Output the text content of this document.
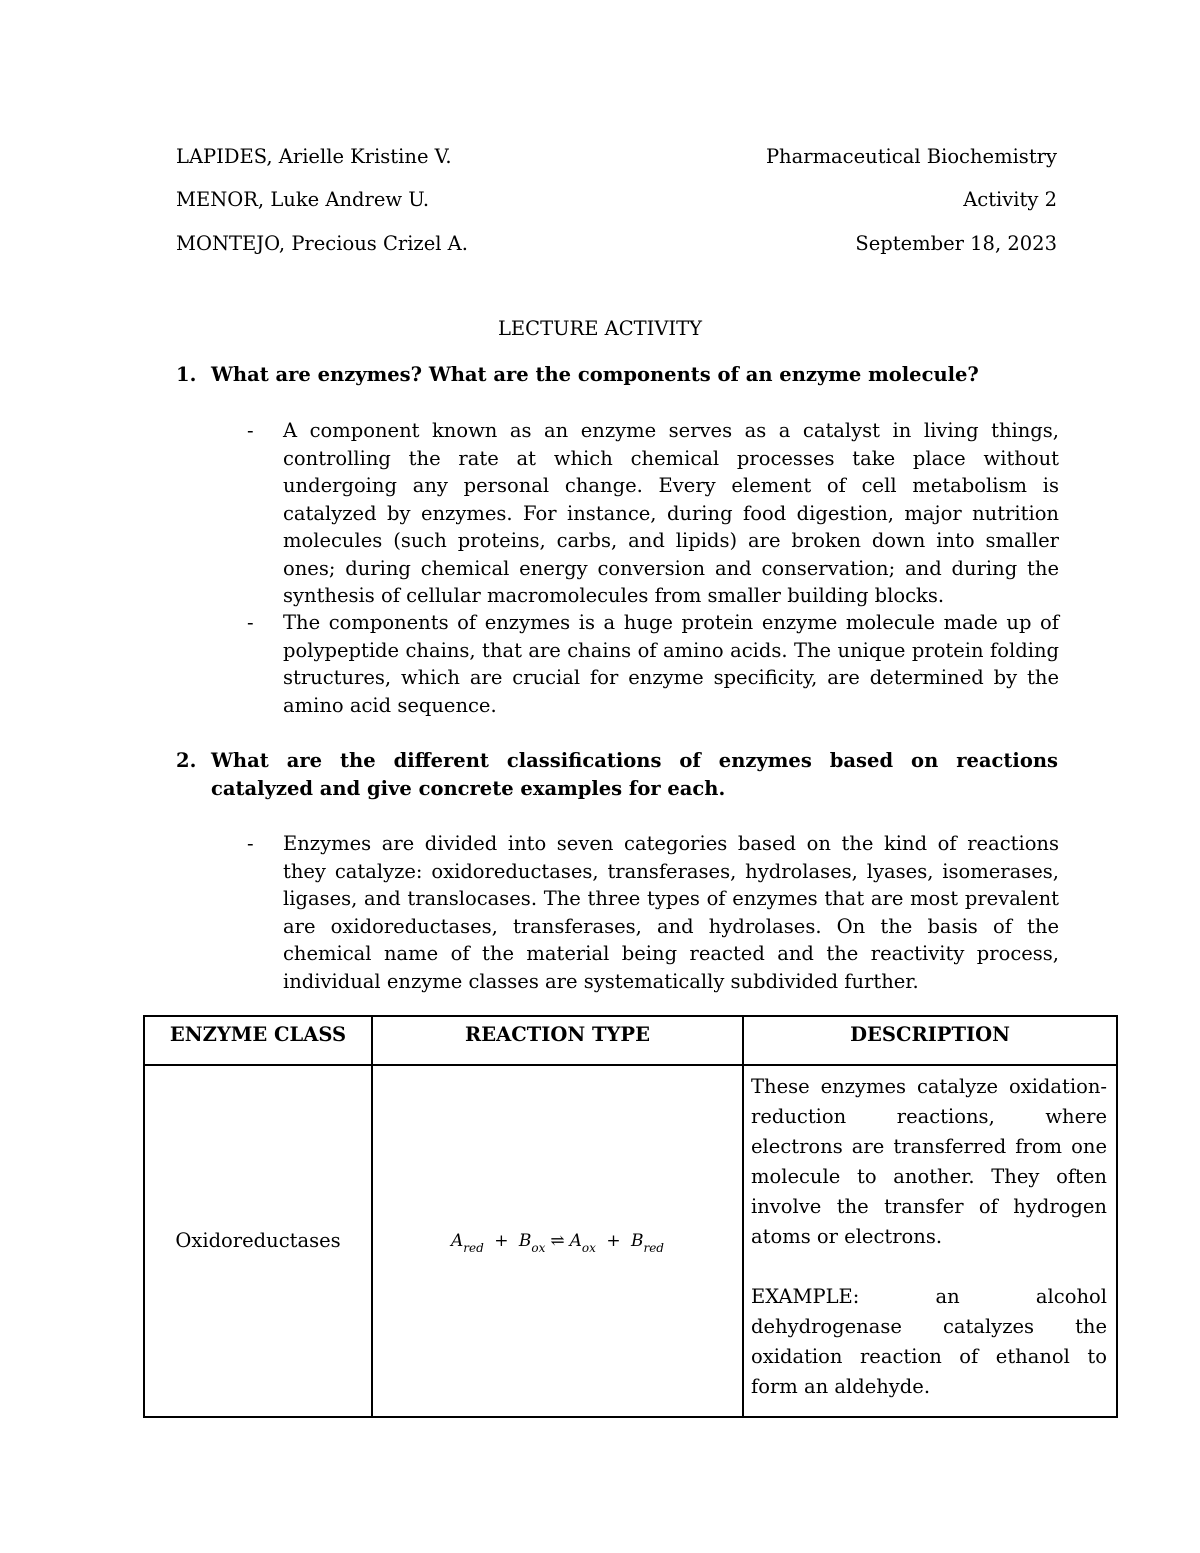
LAPIDES, Arielle Kristine V.
MENOR, Luke Andrew U.
MONTEJO, Precious Crizel A.
Pharmaceutical Biochemistry
Activity 2
September 18, 2023
LECTURE ACTIVITY
1. What are enzymes? What are the components of an enzyme molecule?
- A component known as an enzyme serves as a catalyst in living things, controlling the rate at which chemical processes take place without undergoing any personal change. Every element of cell metabolism is catalyzed by enzymes. For instance, during food digestion, major nutrition molecules (such proteins, carbs, and lipids) are broken down into smaller ones; during chemical energy conversion and conservation; and during the synthesis of cellular macromolecules from smaller building blocks.
- The components of enzymes is a huge protein enzyme molecule made up of polypeptide chains, that are chains of amino acids. The unique protein folding structures, which are crucial for enzyme specificity, are determined by the amino acid sequence.
2. What are the different classifications of enzymes based on reactions catalyzed and give concrete examples for each.
- Enzymes are divided into seven categories based on the kind of reactions they catalyze: oxidoreductases, transferases, hydrolases, lyases, isomerases, ligases, and translocases. The three types of enzymes that are most prevalent are oxidoreductases, transferases, and hydrolases. On the basis of the chemical name of the material being reacted and the reactivity process, individual enzyme classes are systematically subdivided further.
ENZYME CLASS	REACTION TYPE	DESCRIPTION
Oxidoreductases	$A_{red} + B_{ox}$ ⇌ $A_{ox} + B_{red}$	These enzymes catalyze oxidation-reduction reactions, where electrons are transferred from one molecule to another. They often involve the transfer of hydrogen atoms or electrons.

EXAMPLE: an alcohol dehydrogenase catalyzes the oxidation reaction of ethanol to form an aldehyde.
